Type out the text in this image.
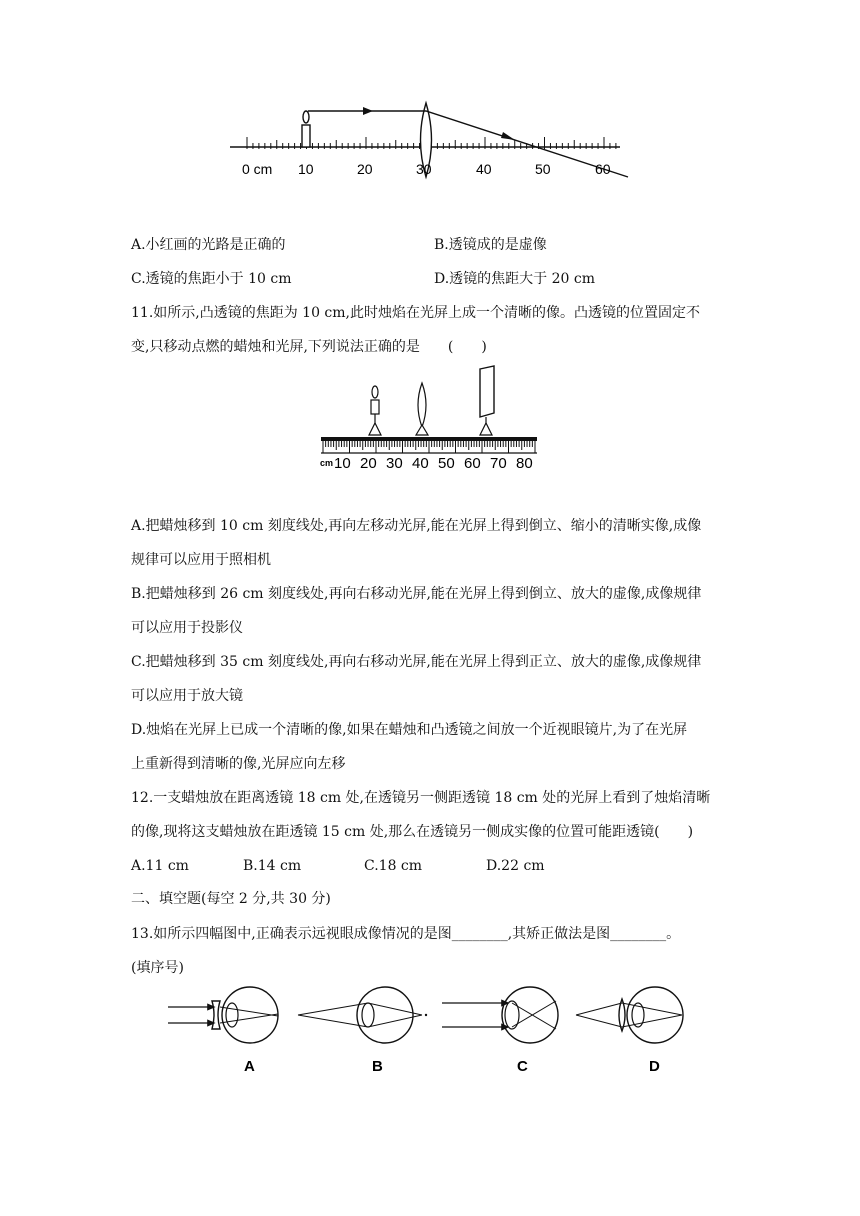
0 cm 10	20	30	40	50	60
A.小红画的光路是正确的	B.透镜成的是虚像
C.透镜的焦距小于 10 cm	D.透镜的焦距大于 20 cm
11.如所示,凸透镜的焦距为 10 cm,此时烛焰在光屏上成一个清晰的像。凸透镜的位置固定不
变,只移动点燃的蜡烛和光屏,下列说法正确的是　　(　　)
cm 10 20 30 40 50 60 70 80
A.把蜡烛移到 10 cm 刻度线处,再向左移动光屏,能在光屏上得到倒立、缩小的清晰实像,成像
规律可以应用于照相机
B.把蜡烛移到 26 cm 刻度线处,再向右移动光屏,能在光屏上得到倒立、放大的虚像,成像规律
可以应用于投影仪
C.把蜡烛移到 35 cm 刻度线处,再向右移动光屏,能在光屏上得到正立、放大的虚像,成像规律
可以应用于放大镜
D.烛焰在光屏上已成一个清晰的像,如果在蜡烛和凸透镜之间放一个近视眼镜片,为了在光屏
上重新得到清晰的像,光屏应向左移
12.一支蜡烛放在距离透镜 18 cm 处,在透镜另一侧距透镜 18 cm 处的光屏上看到了烛焰清晰
的像,现将这支蜡烛放在距透镜 15 cm 处,那么在透镜另一侧成实像的位置可能距透镜(　　)
A.11 cm	B.14 cm	C.18 cm	D.22 cm
二、填空题(每空 2 分,共 30 分)
13.如所示四幅图中,正确表示远视眼成像情况的是图________,其矫正做法是图________。
(填序号)
A	B	C	D
